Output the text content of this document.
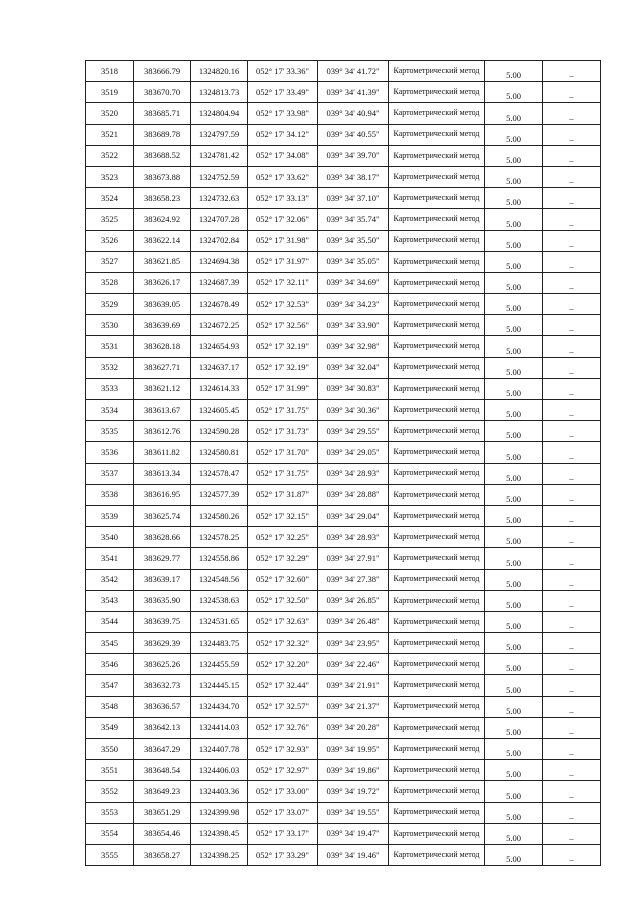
3518	383666.79	1324820.16	052° 17' 33.36"	039° 34' 41.72"	Картометрический метод	5.00	–
3519	383670.70	1324813.73	052° 17' 33.49"	039° 34' 41.39"	Картометрический метод	5.00	–
3520	383685.71	1324804.94	052° 17' 33.98"	039° 34' 40.94"	Картометрический метод	5.00	–
3521	383689.78	1324797.59	052° 17' 34.12"	039° 34' 40.55"	Картометрический метод	5.00	–
3522	383688.52	1324781.42	052° 17' 34.08"	039° 34' 39.70"	Картометрический метод	5.00	–
3523	383673.88	1324752.59	052° 17' 33.62"	039° 34' 38.17"	Картометрический метод	5.00	–
3524	383658.23	1324732.63	052° 17' 33.13"	039° 34' 37.10"	Картометрический метод	5.00	–
3525	383624.92	1324707.28	052° 17' 32.06"	039° 34' 35.74"	Картометрический метод	5.00	–
3526	383622.14	1324702.84	052° 17' 31.98"	039° 34' 35.50"	Картометрический метод	5.00	–
3527	383621.85	1324694.38	052° 17' 31.97"	039° 34' 35.05"	Картометрический метод	5.00	–
3528	383626.17	1324687.39	052° 17' 32.11"	039° 34' 34.69"	Картометрический метод	5.00	–
3529	383639.05	1324678.49	052° 17' 32.53"	039° 34' 34.23"	Картометрический метод	5.00	–
3530	383639.69	1324672.25	052° 17' 32.56"	039° 34' 33.90"	Картометрический метод	5.00	–
3531	383628.18	1324654.93	052° 17' 32.19"	039° 34' 32.98"	Картометрический метод	5.00	–
3532	383627.71	1324637.17	052° 17' 32.19"	039° 34' 32.04"	Картометрический метод	5.00	–
3533	383621.12	1324614.33	052° 17' 31.99"	039° 34' 30.83"	Картометрический метод	5.00	–
3534	383613.67	1324605.45	052° 17' 31.75"	039° 34' 30.36"	Картометрический метод	5.00	–
3535	383612.76	1324590.28	052° 17' 31.73"	039° 34' 29.55"	Картометрический метод	5.00	–
3536	383611.82	1324580.81	052° 17' 31.70"	039° 34' 29.05"	Картометрический метод	5.00	–
3537	383613.34	1324578.47	052° 17' 31.75"	039° 34' 28.93"	Картометрический метод	5.00	–
3538	383616.95	1324577.39	052° 17' 31.87"	039° 34' 28.88"	Картометрический метод	5.00	–
3539	383625.74	1324580.26	052° 17' 32.15"	039° 34' 29.04"	Картометрический метод	5.00	–
3540	383628.66	1324578.25	052° 17' 32.25"	039° 34' 28.93"	Картометрический метод	5.00	–
3541	383629.77	1324558.86	052° 17' 32.29"	039° 34' 27.91"	Картометрический метод	5.00	–
3542	383639.17	1324548.56	052° 17' 32.60"	039° 34' 27.38"	Картометрический метод	5.00	–
3543	383635.90	1324538.63	052° 17' 32.50"	039° 34' 26.85"	Картометрический метод	5.00	–
3544	383639.75	1324531.65	052° 17' 32.63"	039° 34' 26.48"	Картометрический метод	5.00	–
3545	383629.39	1324483.75	052° 17' 32.32"	039° 34' 23.95"	Картометрический метод	5.00	–
3546	383625.26	1324455.59	052° 17' 32.20"	039° 34' 22.46"	Картометрический метод	5.00	–
3547	383632.73	1324445.15	052° 17' 32.44"	039° 34' 21.91"	Картометрический метод	5.00	–
3548	383636.57	1324434.70	052° 17' 32.57"	039° 34' 21.37"	Картометрический метод	5.00	–
3549	383642.13	1324414.03	052° 17' 32.76"	039° 34' 20.28"	Картометрический метод	5.00	–
3550	383647.29	1324407.78	052° 17' 32.93"	039° 34' 19.95"	Картометрический метод	5.00	–
3551	383648.54	1324406.03	052° 17' 32.97"	039° 34' 19.86"	Картометрический метод	5.00	–
3552	383649.23	1324403.36	052° 17' 33.00"	039° 34' 19.72"	Картометрический метод	5.00	–
3553	383651.29	1324399.98	052° 17' 33.07"	039° 34' 19.55"	Картометрический метод	5.00	–
3554	383654.46	1324398.45	052° 17' 33.17"	039° 34' 19.47"	Картометрический метод	5.00	–
3555	383658.27	1324398.25	052° 17' 33.29"	039° 34' 19.46"	Картометрический метод	5.00	–
